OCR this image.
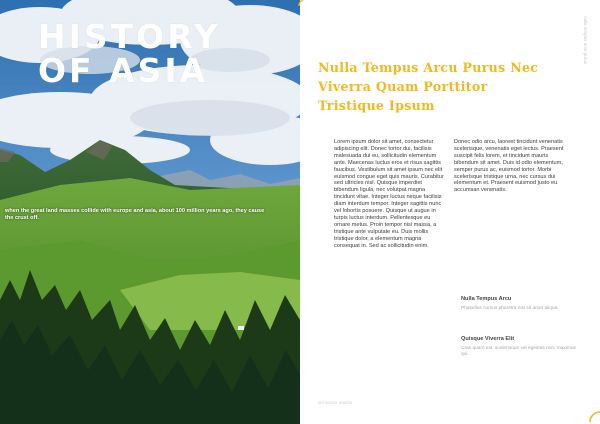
HISTORY
OF ASIA

when the great land masses collide with europe and asia, about 100 million years ago, they cause the crust off.

Nulla Tempus Arcu Purus Nec Viverra Quam Porttitor Tristique Ipsum
nulla tempus arcu purus

Lorem ipsum dolor sit amet, consectetur adipiscing elit. Donec tortor dui, facilisis malesuada dui eu, sollicitudin elementum ante. Maecenas luctus eros et risus sagittis faucibus. Vestibulum sit amet ipsum nec elit euismod congue eget quis mauris. Curabitur sed ultricies nisl. Quisque imperdiet bibendum ligula, nec volutpat magna tincidunt vitae. Integer luctus neque facilisis diam interdum tempor. Integer sagittis nunc vel lobortis posuere. Quisque ut augue in turpis luctus interdum. Pellentesque eu ornare metus. Proin tempor nisi massa, a tristique ante vulputate eu. Duis mollis tristique dolor, a elementum magna consequat in. Sed ac sollicitudin enim.

Donec odio arcu, laoreet tincidunt venenatis scelerisque, venenatis eget lectus. Praesent suscipit felis lorem, et tincidunt mauris bibendum sit amet. Duis id odio elementum, semper purus ac, euismod tortor. Morbi scelerisque tristique urna, nec cursus dui elementum et. Praesent euismod justo eu accumsan venenatis.

Nulla Tempus Arcu

Phasellus cursus pharetra nisl sit amet aliqua

Quisque Viverra Elit

Cras quam est, scelerisque vel egestas non, maximus qui.

vel auctor massa
